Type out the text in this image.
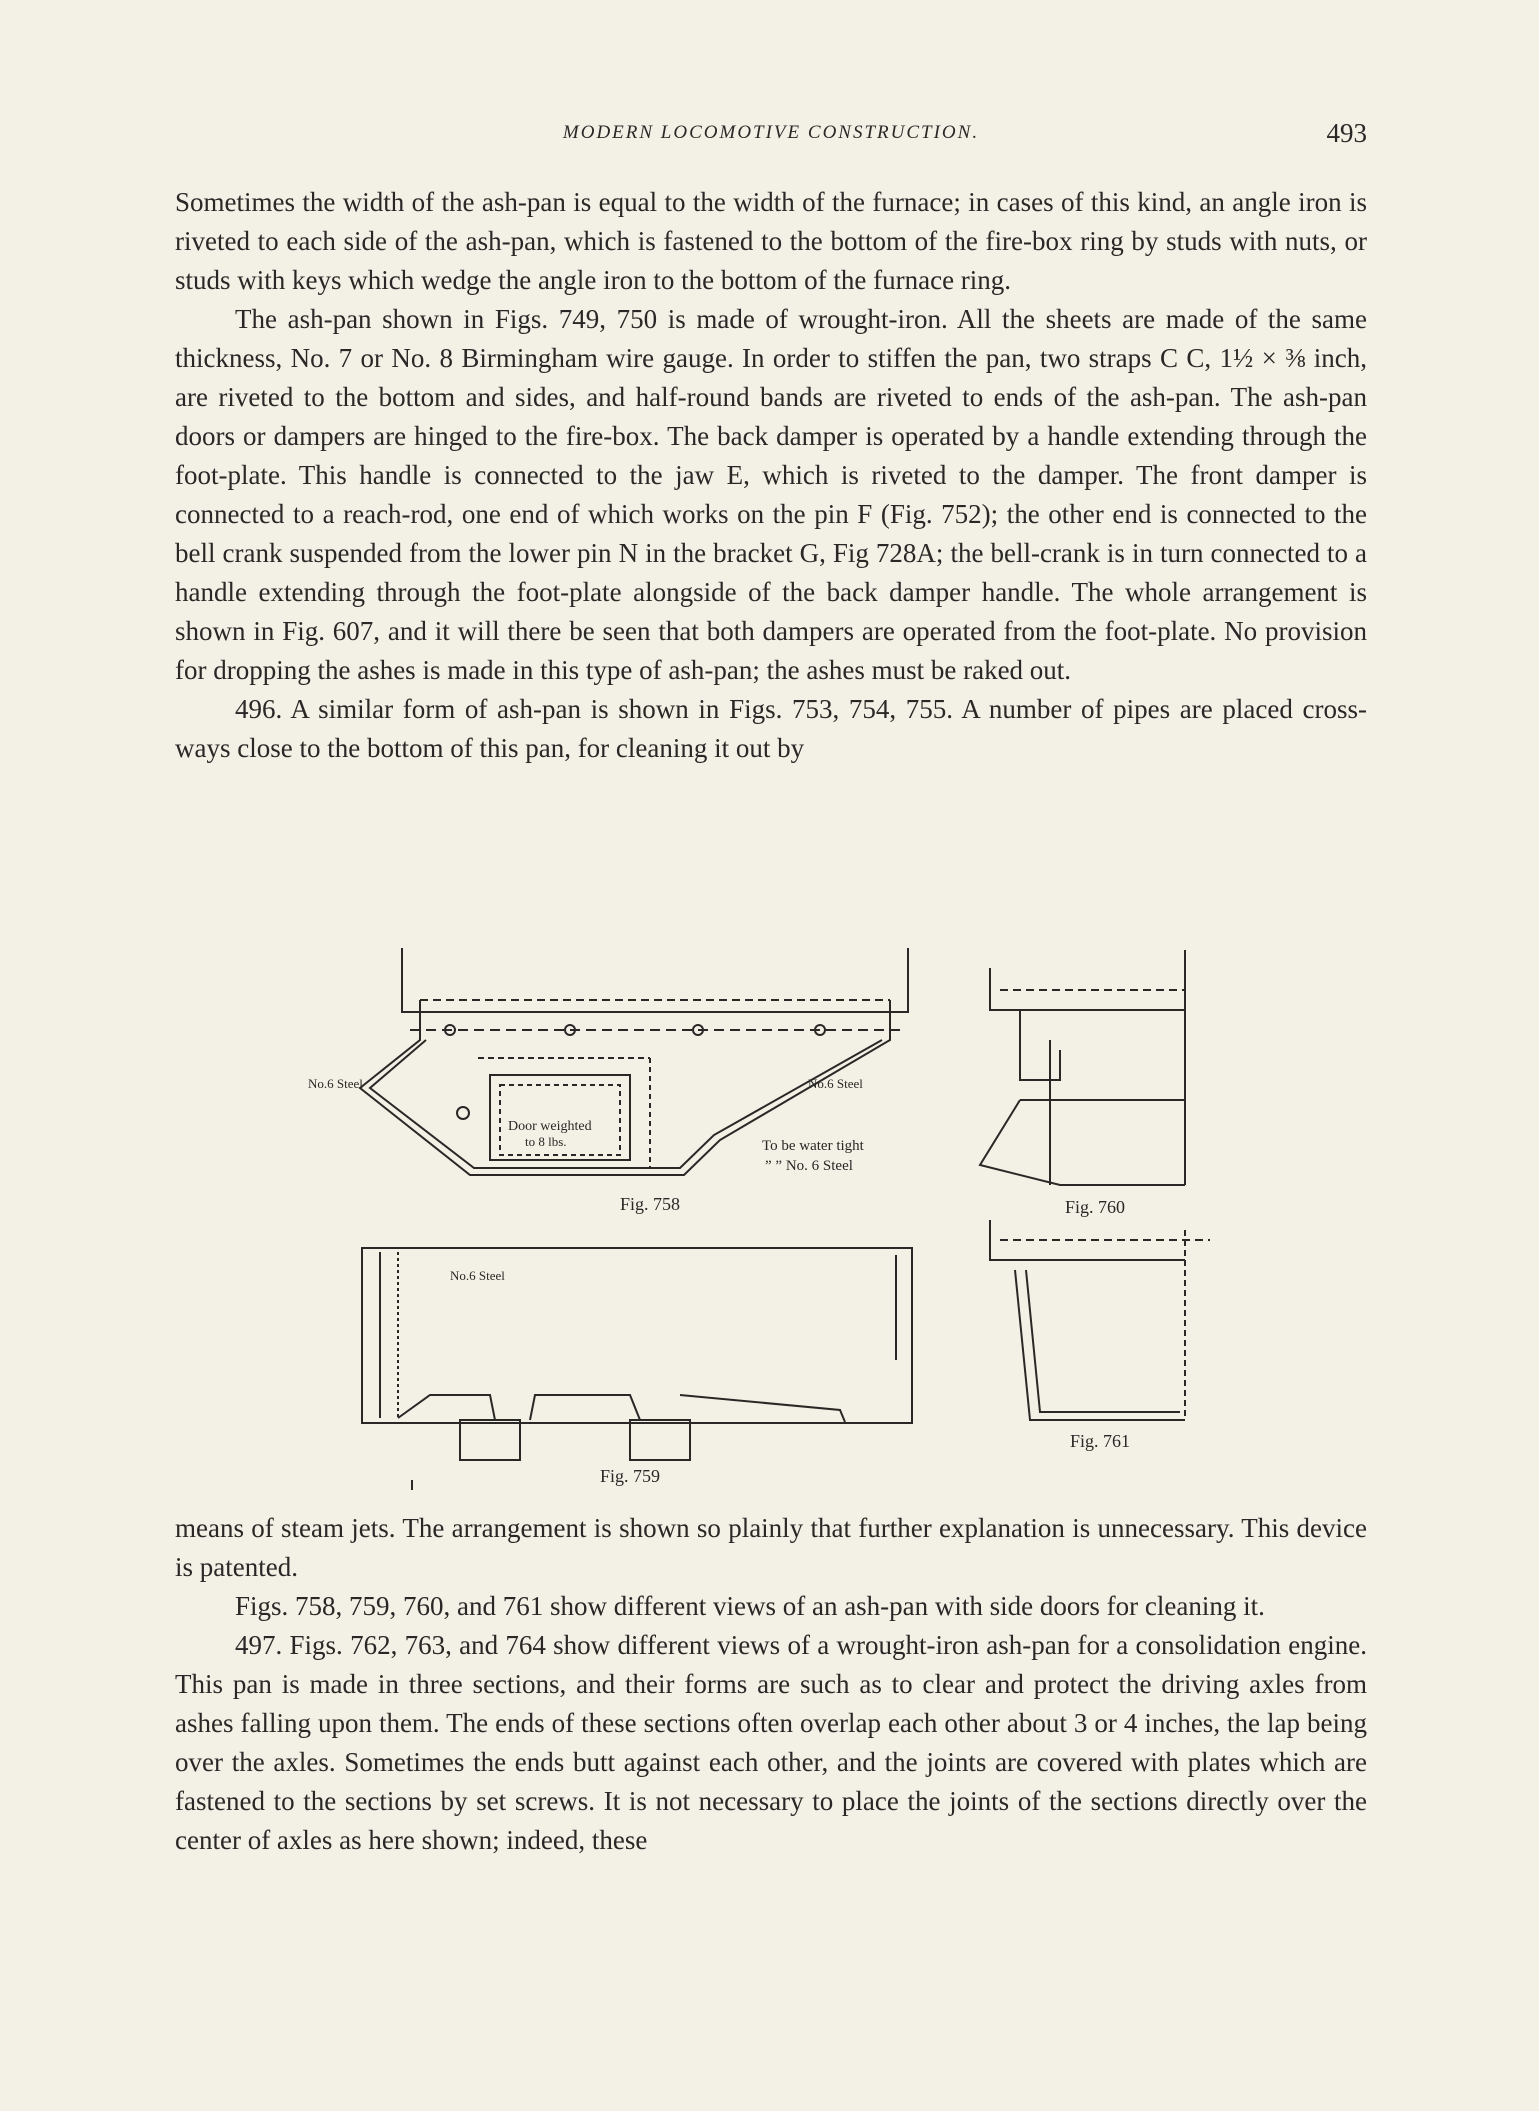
MODERN LOCOMOTIVE CONSTRUCTION.	493

Sometimes the width of the ash-pan is equal to the width of the furnace; in cases of this kind, an angle iron is riveted to each side of the ash-pan, which is fastened to the bottom of the fire-box ring by studs with nuts, or studs with keys which wedge the angle iron to the bottom of the furnace ring.

The ash-pan shown in Figs. 749, 750 is made of wrought-iron. All the sheets are made of the same thickness, No. 7 or No. 8 Birmingham wire gauge. In order to stiffen the pan, two straps C C, 1½ × ⅜ inch, are riveted to the bottom and sides, and half-round bands are riveted to ends of the ash-pan. The ash-pan doors or dampers are hinged to the fire-box. The back damper is operated by a handle extending through the foot-plate. This handle is connected to the jaw E, which is riveted to the damper. The front damper is connected to a reach-rod, one end of which works on the pin F (Fig. 752); the other end is connected to the bell crank suspended from the lower pin N in the bracket G, Fig 728A; the bell-crank is in turn connected to a handle extending through the foot-plate alongside of the back damper handle. The whole arrangement is shown in Fig. 607, and it will there be seen that both dampers are operated from the foot-plate. No provision for dropping the ashes is made in this type of ash-pan; the ashes must be raked out.

496. A similar form of ash-pan is shown in Figs. 753, 754, 755. A number of pipes are placed cross-ways close to the bottom of this pan, for cleaning it out by

No.6 Steel	No.6 Steel
Door weighted
to 8 lbs.	To be water tight
” ” No. 6 Steel
Fig. 758
No.6 Steel
Fig. 759
Fig. 760
Fig. 761

means of steam jets. The arrangement is shown so plainly that further explanation is unnecessary. This device is patented.

Figs. 758, 759, 760, and 761 show different views of an ash-pan with side doors for cleaning it.

497. Figs. 762, 763, and 764 show different views of a wrought-iron ash-pan for a consolidation engine. This pan is made in three sections, and their forms are such as to clear and protect the driving axles from ashes falling upon them. The ends of these sections often overlap each other about 3 or 4 inches, the lap being over the axles. Sometimes the ends butt against each other, and the joints are covered with plates which are fastened to the sections by set screws. It is not necessary to place the joints of the sections directly over the center of axles as here shown; indeed, these
